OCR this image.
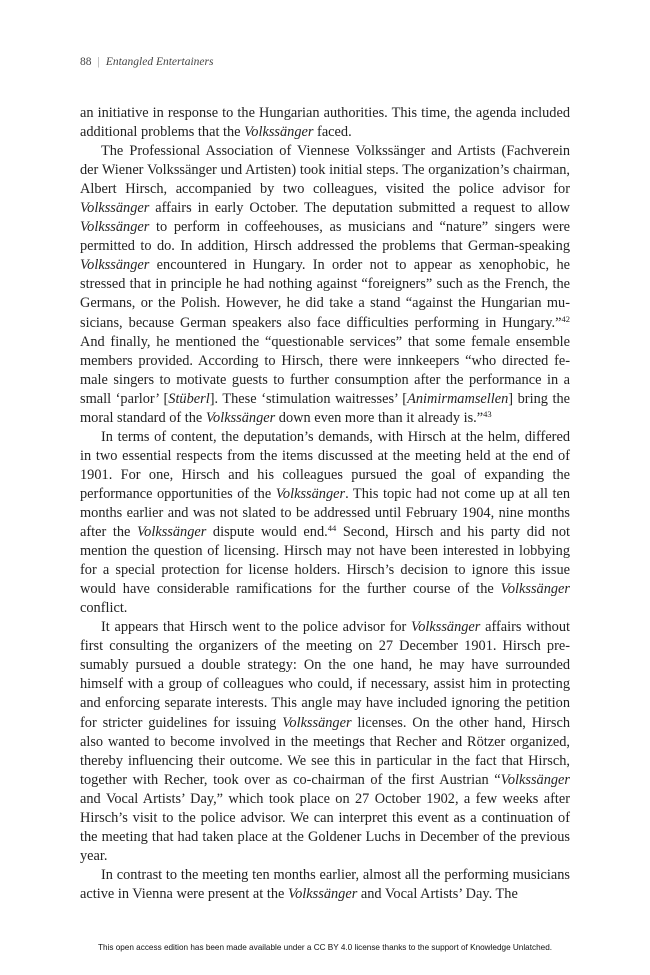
88 | Entangled Entertainers

an initiative in response to the Hungarian authorities. This time, the agenda included additional problems that the Volkssänger faced.

The Professional Association of Viennese Volkssänger and Artists (Fachverein der Wiener Volkssänger und Artisten) took initial steps. The organization’s chairman, Albert Hirsch, accompanied by two colleagues, visited the police advisor for Volkssänger affairs in early October. The deputation submitted a request to allow Volkssänger to perform in coffeehouses, as musicians and “nature” singers were permitted to do. In addition, Hirsch addressed the problems that German-speaking Volkssänger encountered in Hungary. In order not to appear as xenophobic, he stressed that in principle he had nothing against “foreigners” such as the French, the Germans, or the Polish. However, he did take a stand “against the Hungarian musicians, because German speakers also face difficulties performing in Hungary.”$^{42}$ And finally, he mentioned the “questionable services” that some female ensemble members provided. According to Hirsch, there were innkeepers “who directed female singers to motivate guests to further consumption after the performance in a small ‘parlor’ [Stüberl]. These ‘stimulation waitresses’ [Animirmamsellen] bring the moral standard of the Volkssänger down even more than it already is.”$^{43}$

In terms of content, the deputation’s demands, with Hirsch at the helm, differed in two essential respects from the items discussed at the meeting held at the end of 1901. For one, Hirsch and his colleagues pursued the goal of expanding the performance opportunities of the Volkssänger. This topic had not come up at all ten months earlier and was not slated to be addressed until February 1904, nine months after the Volkssänger dispute would end.$^{44}$ Second, Hirsch and his party did not mention the question of licensing. Hirsch may not have been interested in lobbying for a special protection for license holders. Hirsch’s decision to ignore this issue would have considerable ramifications for the further course of the Volkssänger conflict.

It appears that Hirsch went to the police advisor for Volkssänger affairs without first consulting the organizers of the meeting on 27 December 1901. Hirsch presumably pursued a double strategy: On the one hand, he may have surrounded himself with a group of colleagues who could, if necessary, assist him in protecting and enforcing separate interests. This angle may have included ignoring the petition for stricter guidelines for issuing Volkssänger licenses. On the other hand, Hirsch also wanted to become involved in the meetings that Recher and Rötzer organized, thereby influencing their outcome. We see this in particular in the fact that Hirsch, together with Recher, took over as co-chairman of the first Austrian “Volkssänger and Vocal Artists’ Day,” which took place on 27 October 1902, a few weeks after Hirsch’s visit to the police advisor. We can interpret this event as a continuation of the meeting that had taken place at the Goldener Luchs in December of the previous year.

In contrast to the meeting ten months earlier, almost all the performing musicians active in Vienna were present at the Volkssänger and Vocal Artists’ Day. The

This open access edition has been made available under a CC BY 4.0 license thanks to the support of Knowledge Unlatched.
